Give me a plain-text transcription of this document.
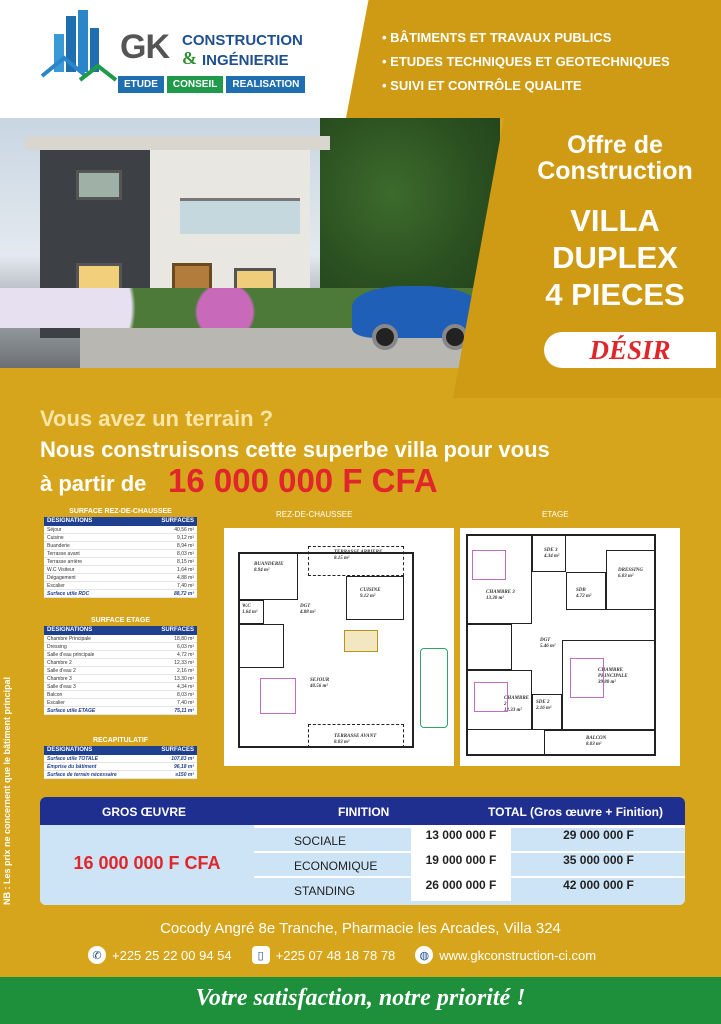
GK CONSTRUCTION
& INGÉNIERIE
ETUDE	CONSEIL	REALISATION
• BÂTIMENTS ET TRAVAUX PUBLICS
• ETUDES TECHNIQUES ET GEOTECHNIQUES
• SUIVI ET CONTRÔLE QUALITE
Offre de
Construction
VILLA
DUPLEX
4 PIECES
DÉSIR
Vous avez un terrain ?
Nous construisons cette superbe villa pour vous
à partir de 16 000 000 F CFA
NB : Les prix ne concernent que le bâtiment principal
SURFACE REZ-DE-CHAUSSEE
DESIGNATIONS	SURFACES
Séjour	40,56 m²
Cuisine	9,12 m²
Buanderie	8,94 m²
Terrasse avant	8,03 m²
Terrasse arrière	8,15 m²
W.C Visiteur	1,64 m²
Dégagement	4,88 m²
Escalier	7,40 m²
Surface utile RDC	88,72 m²
SURFACE ETAGE
DESIGNATIONS	SURFACES
Chambre Principale	18,80 m²
Dressing	6,03 m²
Salle d'eau principale	4,72 m²
Chambre 2	12,33 m²
Salle d'eau 2	2,16 m²
Chambre 3	13,30 m²
Salle d'eau 3	4,34 m²
Balcon	8,03 m²
Escalier	7,40 m²
Surface utile ETAGE	75,11 m²
RECAPITULATIF
DESIGNATIONS	SURFACES
Surface utile TOTALE	107,83 m²
Emprise du bâtiment	96,18 m²
Surface de terrain nécessaire	≥150 m²
REZ-DE-CHAUSSEE	ETAGE
BUANDERIE
8.94 m²
TERRASSE ARRIERE
8.15 m²
CUISINE
9.12 m²
W.C
1.64 m²
DGT
4.88 m²
SEJOUR
40.56 m²
TERRASSE AVANT
8.03 m²
CHAMBRE 3
13.30 m²
SDE 3
4.34 m²
DRESSING
6.03 m²
SDB
4.72 m²
DGT
5.46 m²
CHAMBRE PRINCIPALE
39.80 m²
CHAMBRE 2
12.33 m²
SDE 2
2.16 m²
BALCON
8.03 m²
GROS ŒUVRE	FINITION	TOTAL (Gros œuvre + Finition)
16 000 000 F CFA
SOCIALE	13 000 000 F	29 000 000 F
ECONOMIQUE	19 000 000 F	35 000 000 F
STANDING	26 000 000 F	42 000 000 F
Cocody Angré 8e Tranche, Pharmacie les Arcades, Villa 324
✆ +225 25 22 00 94 54	▯ +225 07 48 18 78 78	◍ www.gkconstruction-ci.com
Votre satisfaction, notre priorité !
